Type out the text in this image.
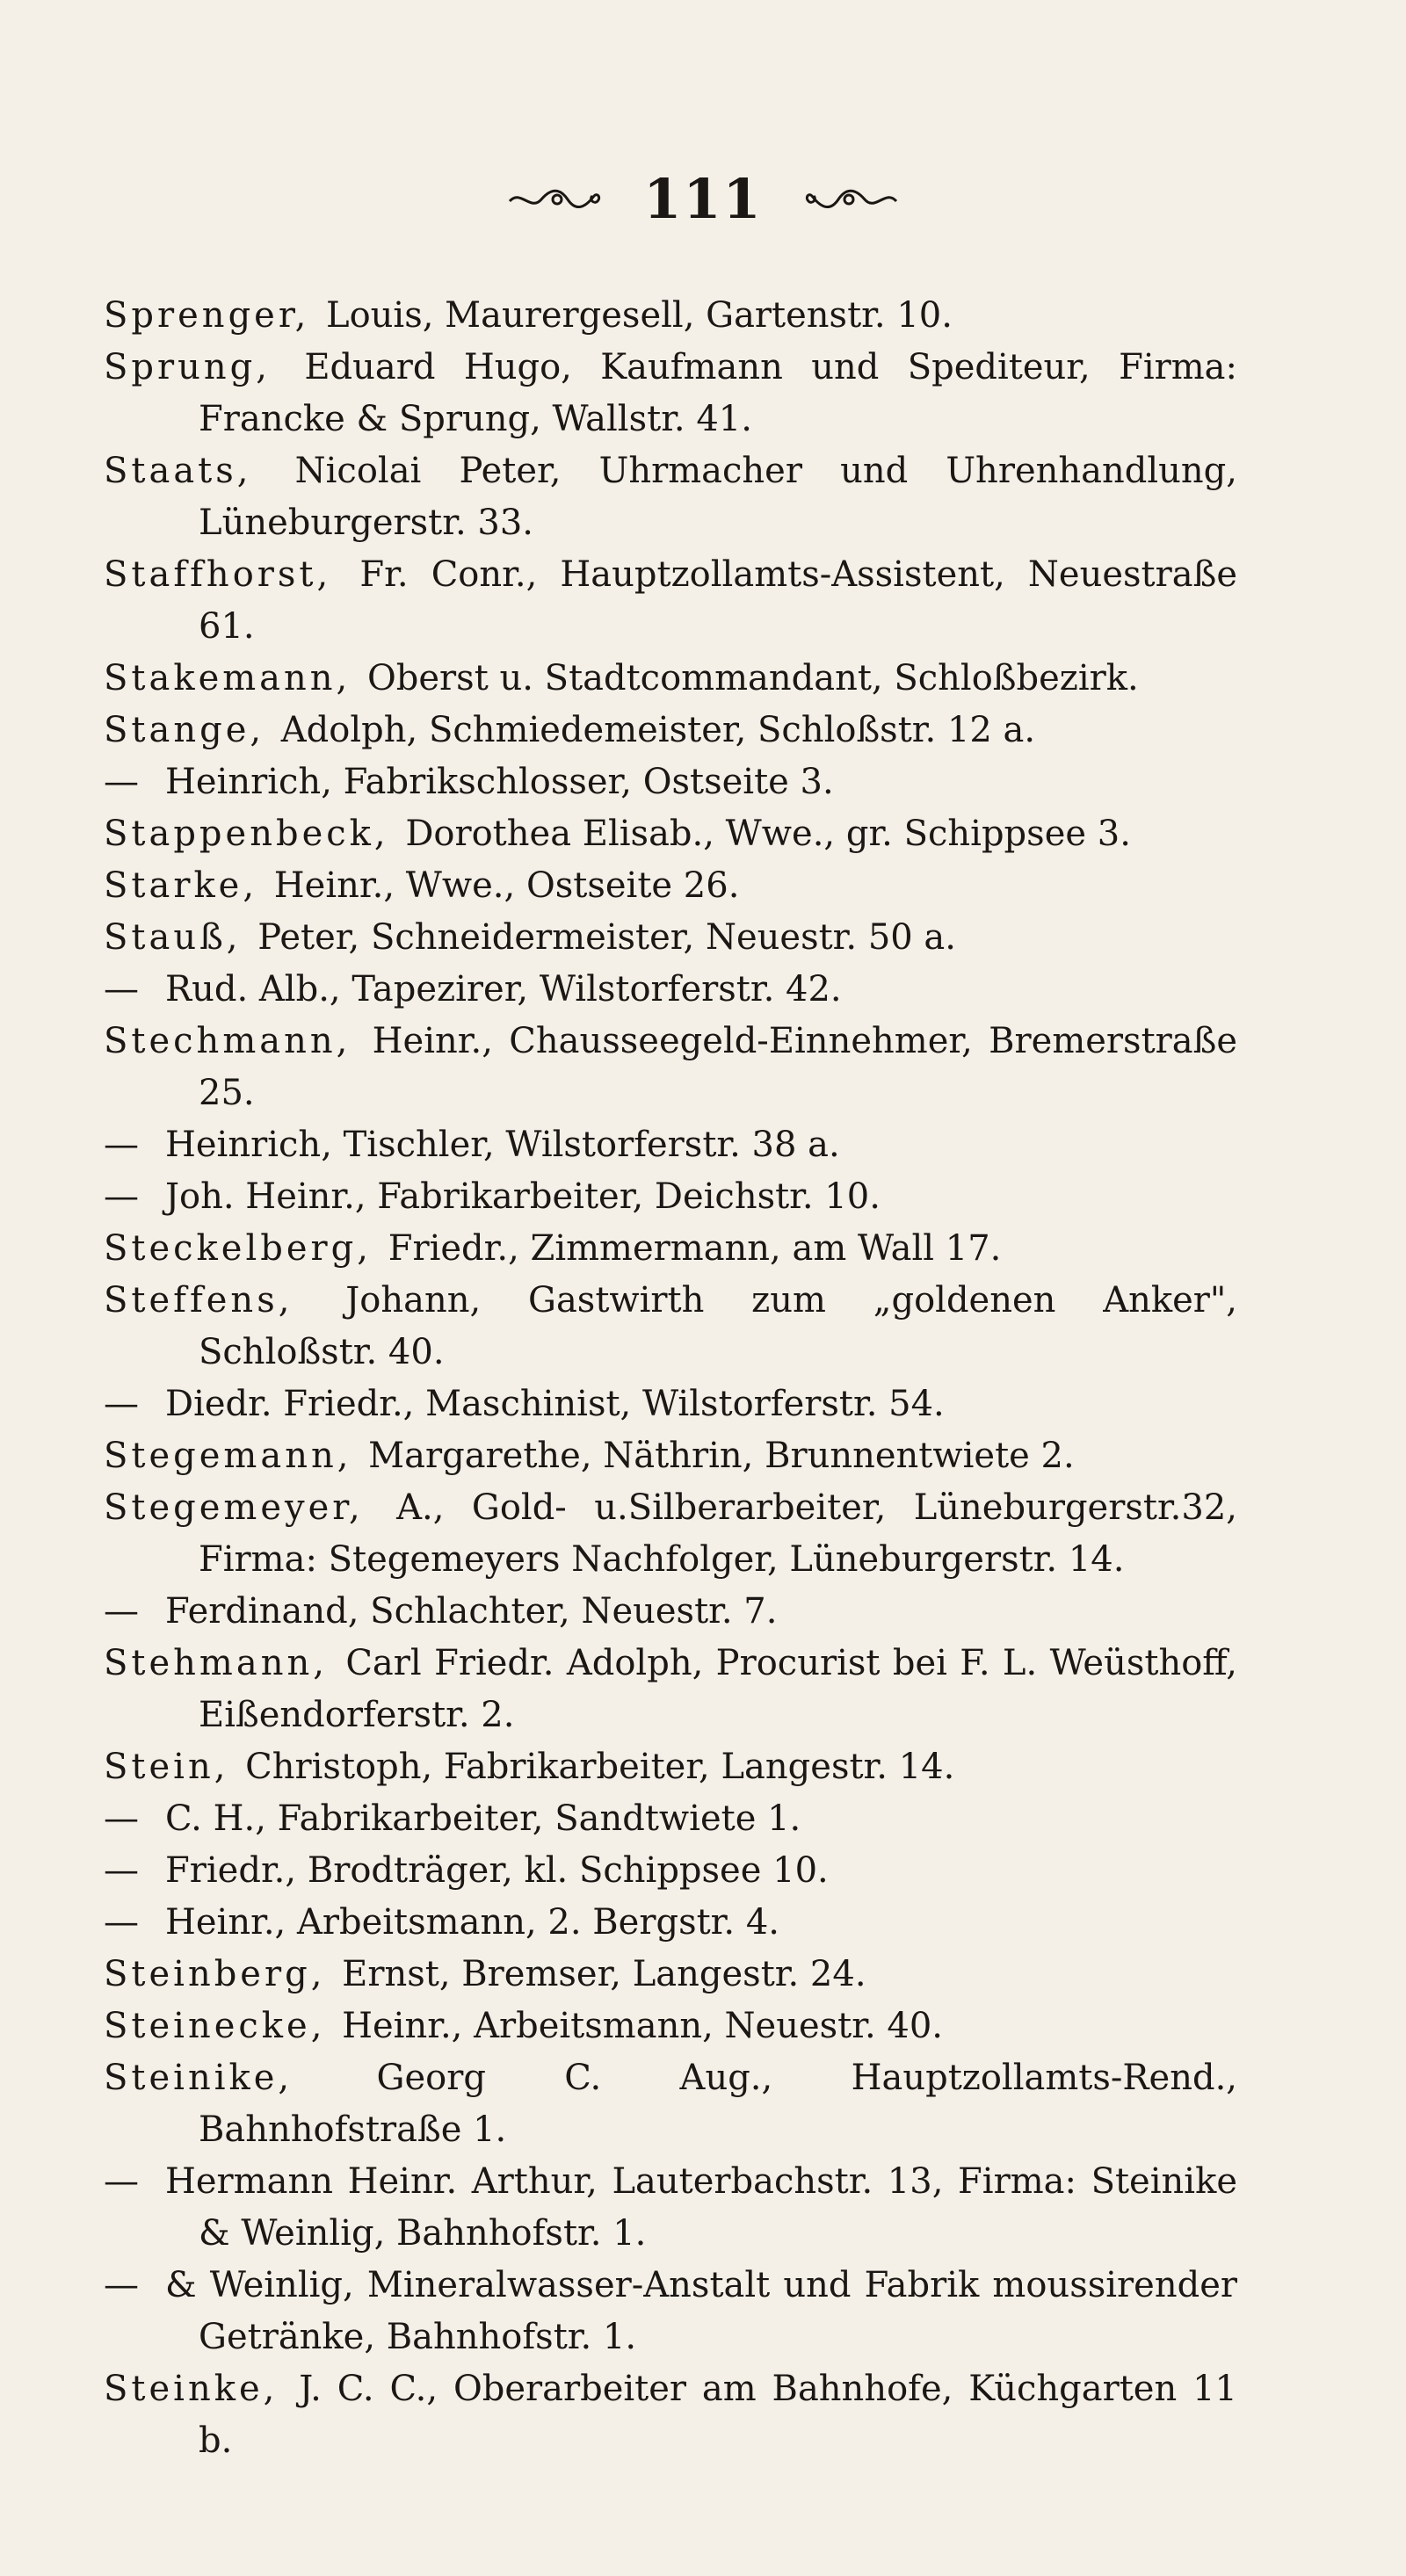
111
Sprenger, Louis, Maurergesell, Gartenstr. 10.
Sprung, Eduard Hugo, Kaufmann und Spediteur, Firma: Francke & Sprung, Wallstr. 41.
Staats, Nicolai Peter, Uhrmacher und Uhrenhandlung, Lüneburgerstr. 33.
Staffhorst, Fr. Conr., Hauptzollamts-Assistent, Neuestraße 61.
Stakemann, Oberst u. Stadtcommandant, Schloßbezirk.
Stange, Adolph, Schmiedemeister, Schloßstr. 12 a.
— Heinrich, Fabrikschlosser, Ostseite 3.
Stappenbeck, Dorothea Elisab., Wwe., gr. Schippsee 3.
Starke, Heinr., Wwe., Ostseite 26.
Stauß, Peter, Schneidermeister, Neuestr. 50 a.
— Rud. Alb., Tapezirer, Wilstorferstr. 42.
Stechmann, Heinr., Chausseegeld-Einnehmer, Bremerstraße 25.
— Heinrich, Tischler, Wilstorferstr. 38 a.
— Joh. Heinr., Fabrikarbeiter, Deichstr. 10.
Steckelberg, Friedr., Zimmermann, am Wall 17.
Steffens, Johann, Gastwirth zum „goldenen Anker", Schloßstr. 40.
— Diedr. Friedr., Maschinist, Wilstorferstr. 54.
Stegemann, Margarethe, Näthrin, Brunnentwiete 2.
Stegemeyer, A., Gold- u.Silberarbeiter, Lüneburgerstr.32, Firma: Stegemeyers Nachfolger, Lüneburgerstr. 14.
— Ferdinand, Schlachter, Neuestr. 7.
Stehmann, Carl Friedr. Adolph, Procurist bei F. L. Weüsthoff, Eißendorferstr. 2.
Stein, Christoph, Fabrikarbeiter, Langestr. 14.
— C. H., Fabrikarbeiter, Sandtwiete 1.
— Friedr., Brodträger, kl. Schippsee 10.
— Heinr., Arbeitsmann, 2. Bergstr. 4.
Steinberg, Ernst, Bremser, Langestr. 24.
Steinecke, Heinr., Arbeitsmann, Neuestr. 40.
Steinike, Georg C. Aug., Hauptzollamts-Rend., Bahnhofstraße 1.
— Hermann Heinr. Arthur, Lauterbachstr. 13, Firma: Steinike & Weinlig, Bahnhofstr. 1.
— & Weinlig, Mineralwasser-Anstalt und Fabrik moussirender Getränke, Bahnhofstr. 1.
Steinke, J. C. C., Oberarbeiter am Bahnhofe, Küchgarten 11 b.
